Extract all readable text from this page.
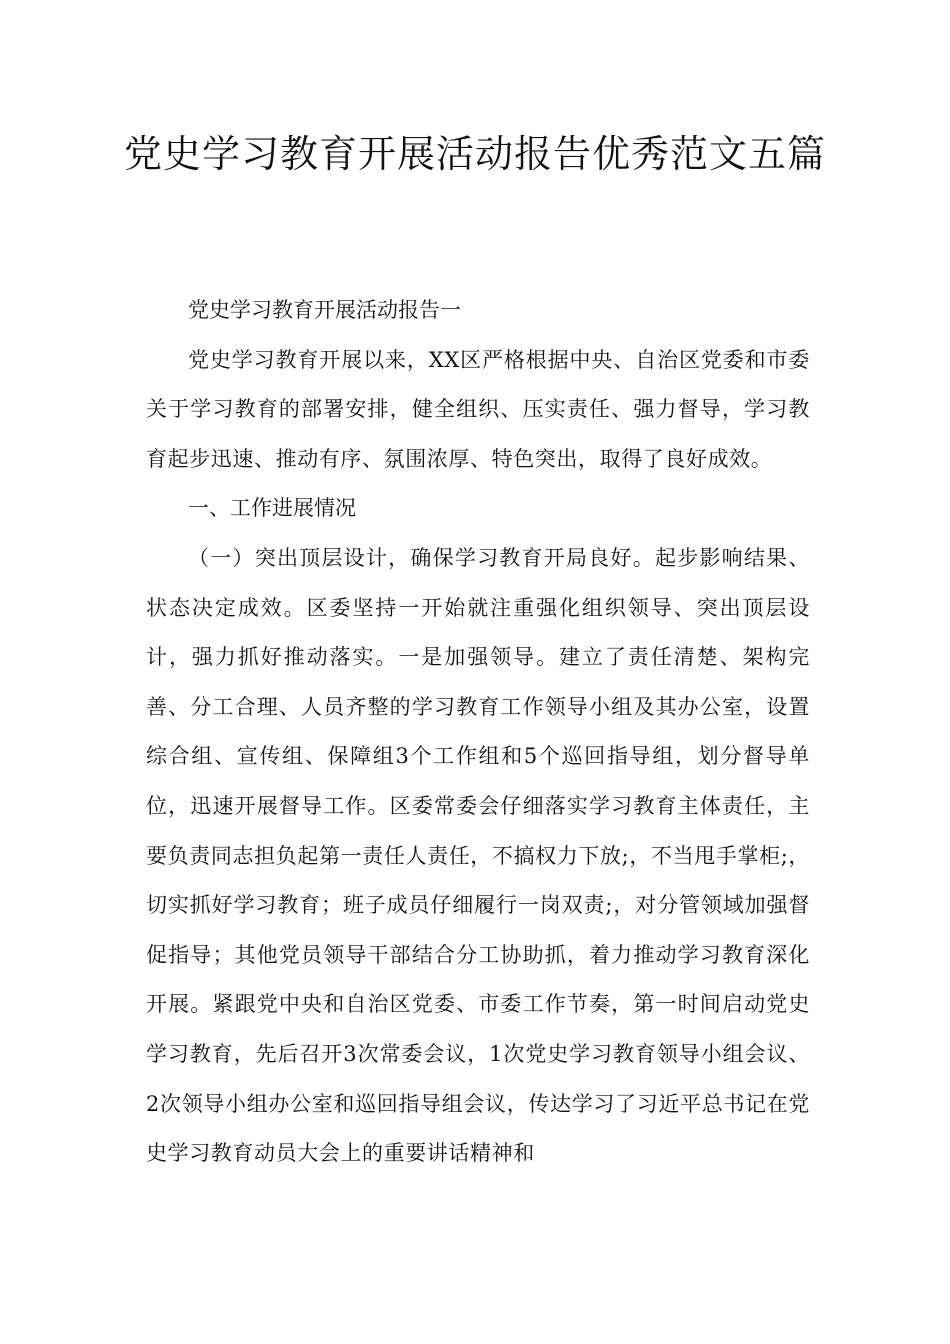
党史学习教育开展活动报告优秀范文五篇

党史学习教育开展活动报告一

党史学习教育开展以来，XX区严格根据中央、自治区党委和市委关于学习教育的部署安排，健全组织、压实责任、强力督导，学习教育起步迅速、推动有序、氛围浓厚、特色突出，取得了良好成效。

一、工作进展情况

（一）突出顶层设计，确保学习教育开局良好。起步影响结果、状态决定成效。区委坚持一开始就注重强化组织领导、突出顶层设计，强力抓好推动落实。一是加强领导。建立了责任清楚、架构完善、分工合理、人员齐整的学习教育工作领导小组及其办公室，设置综合组、宣传组、保障组3个工作组和5个巡回指导组，划分督导单位，迅速开展督导工作。区委常委会仔细落实学习教育主体责任，主要负责同志担负起第一责任人责任，不搞权力下放;，不当甩手掌柜;，切实抓好学习教育；班子成员仔细履行一岗双责;，对分管领域加强督促指导；其他党员领导干部结合分工协助抓，着力推动学习教育深化开展。紧跟党中央和自治区党委、市委工作节奏，第一时间启动党史学习教育，先后召开3次常委会议，1次党史学习教育领导小组会议、2次领导小组办公室和巡回指导组会议，传达学习了习近平总书记在党史学习教育动员大会上的重要讲话精神和
